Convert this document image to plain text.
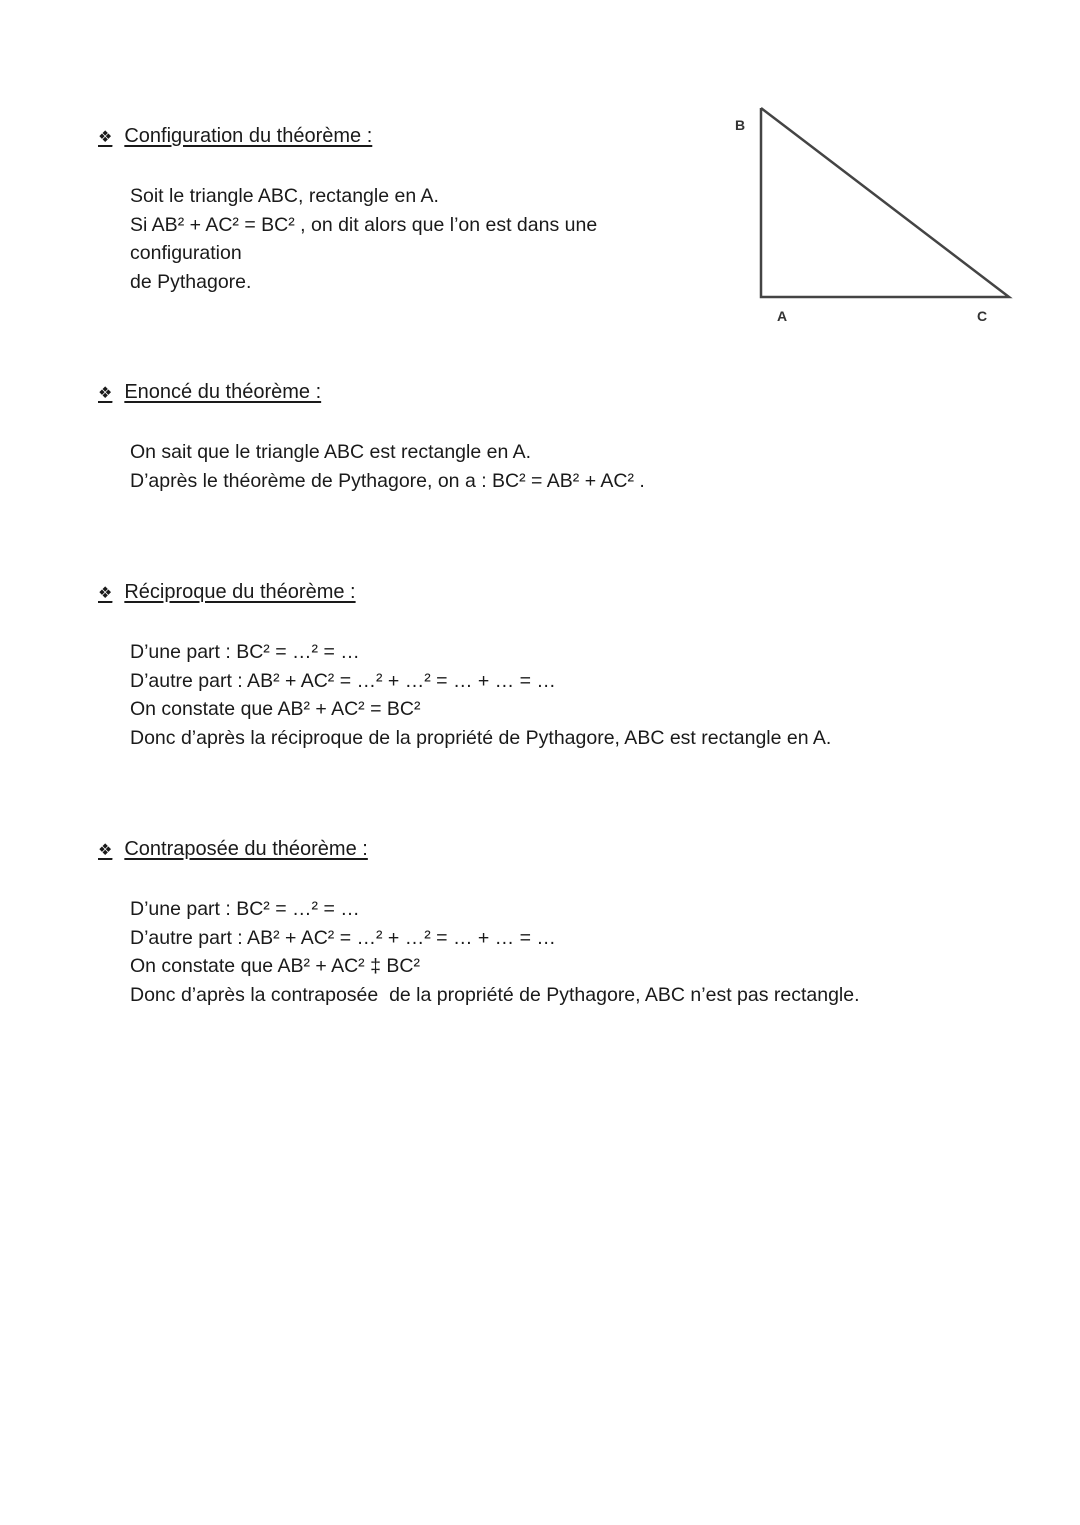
❖ Configuration du théorème :
Soit le triangle ABC, rectangle en A.
Si AB² + AC² = BC² , on dit alors que l’on est dans une configuration
de Pythagore.
B
A	C
❖ Enoncé du théorème :
On sait que le triangle ABC est rectangle en A.
D’après le théorème de Pythagore, on a : BC² = AB² + AC² .
❖ Réciproque du théorème :
D’une part : BC² = …² = …
D’autre part : AB² + AC² = …² + …² = … + … = …
On constate que AB² + AC² = BC²
Donc d’après la réciproque de la propriété de Pythagore, ABC est rectangle en A.
❖ Contraposée du théorème :
D’une part : BC² = …² = …
D’autre part : AB² + AC² = …² + …² = … + … = …
On constate que AB² + AC² ‡ BC²
Donc d’après la contraposée  de la propriété de Pythagore, ABC n’est pas rectangle.
